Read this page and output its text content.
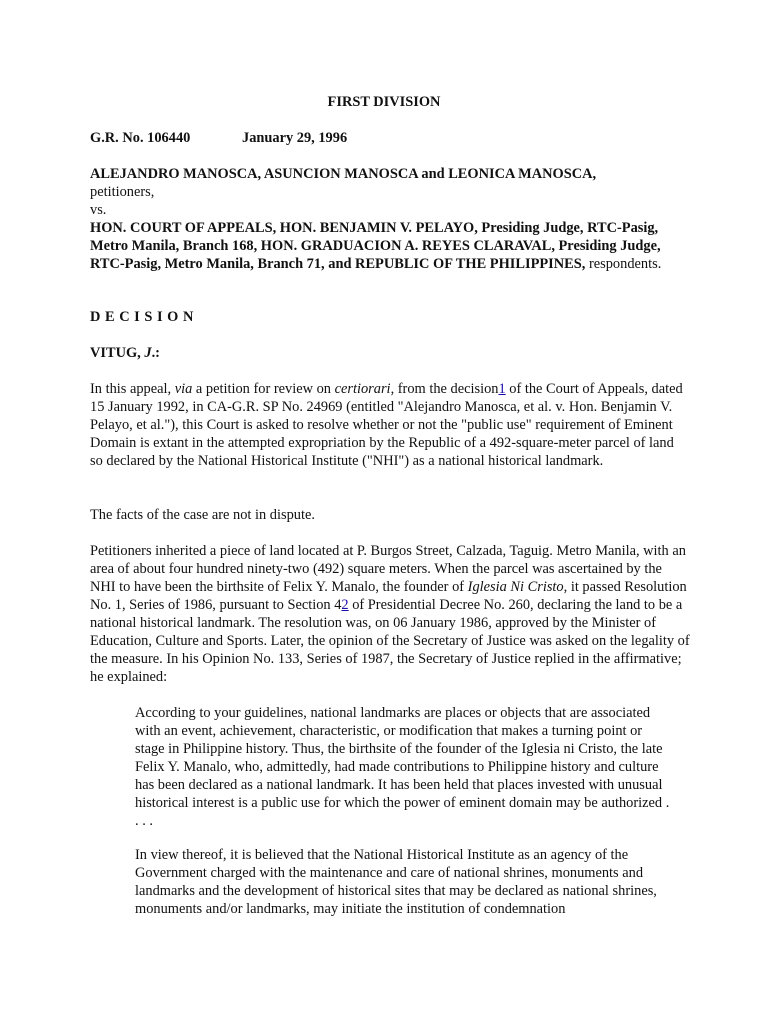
FIRST DIVISION

G.R. No. 106440	January 29, 1996

ALEJANDRO MANOSCA, ASUNCION MANOSCA and LEONICA MANOSCA,
petitioners,
vs.
HON. COURT OF APPEALS, HON. BENJAMIN V. PELAYO, Presiding Judge, RTC-Pasig, Metro Manila, Branch 168, HON. GRADUACION A. REYES CLARAVAL, Presiding Judge, RTC-Pasig, Metro Manila, Branch 71, and REPUBLIC OF THE PHILIPPINES, respondents.

DECISION

VITUG, J.:

In this appeal, via a petition for review on certiorari, from the decision1 of the Court of Appeals, dated 15 January 1992, in CA-G.R. SP No. 24969 (entitled "Alejandro Manosca, et al. v. Hon. Benjamin V. Pelayo, et al."), this Court is asked to resolve whether or not the "public use" requirement of Eminent Domain is extant in the attempted expropriation by the Republic of a 492-square-meter parcel of land so declared by the National Historical Institute ("NHI") as a national historical landmark.

The facts of the case are not in dispute.

Petitioners inherited a piece of land located at P. Burgos Street, Calzada, Taguig. Metro Manila, with an area of about four hundred ninety-two (492) square meters. When the parcel was ascertained by the NHI to have been the birthsite of Felix Y. Manalo, the founder of Iglesia Ni Cristo, it passed Resolution No. 1, Series of 1986, pursuant to Section 42 of Presidential Decree No. 260, declaring the land to be a national historical landmark. The resolution was, on 06 January 1986, approved by the Minister of Education, Culture and Sports. Later, the opinion of the Secretary of Justice was asked on the legality of the measure. In his Opinion No. 133, Series of 1987, the Secretary of Justice replied in the affirmative; he explained:

According to your guidelines, national landmarks are places or objects that are associated with an event, achievement, characteristic, or modification that makes a turning point or stage in Philippine history. Thus, the birthsite of the founder of the Iglesia ni Cristo, the late Felix Y. Manalo, who, admittedly, had made contributions to Philippine history and culture has been declared as a national landmark. It has been held that places invested with unusual historical interest is a public use for which the power of eminent domain may be authorized . . . .

In view thereof, it is believed that the National Historical Institute as an agency of the Government charged with the maintenance and care of national shrines, monuments and landmarks and the development of historical sites that may be declared as national shrines, monuments and/or landmarks, may initiate the institution of condemnation
